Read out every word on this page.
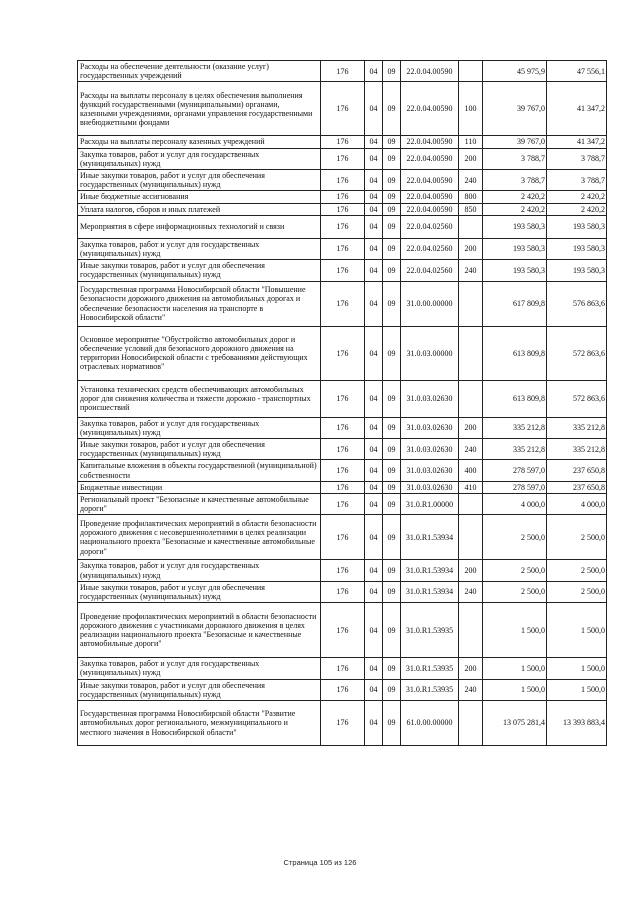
Расходы на обеспечение деятельности (оказание услуг) государственных учреждений	176	04	09	22.0.04.00590		45 975,9	47 556,1
Расходы на выплаты персоналу в целях обеспечения выполнения функций государственными (муниципальными) органами, казенными учреждениями, органами управления государственными внебюджетными фондами	176	04	09	22.0.04.00590	100	39 767,0	41 347,2
Расходы на выплаты персоналу казенных учреждений	176	04	09	22.0.04.00590	110	39 767,0	41 347,2
Закупка товаров, работ и услуг для государственных (муниципальных) нужд	176	04	09	22.0.04.00590	200	3 788,7	3 788,7
Иные закупки товаров, работ и услуг для обеспечения государственных (муниципальных) нужд	176	04	09	22.0.04.00590	240	3 788,7	3 788,7
Иные бюджетные ассигнования	176	04	09	22.0.04.00590	800	2 420,2	2 420,2
Уплата налогов, сборов и иных платежей	176	04	09	22.0.04.00590	850	2 420,2	2 420,2
Мероприятия в сфере информационных технологий и связи	176	04	09	22.0.04.02560		193 580,3	193 580,3
Закупка товаров, работ и услуг для государственных (муниципальных) нужд	176	04	09	22.0.04.02560	200	193 580,3	193 580,3
Иные закупки товаров, работ и услуг для обеспечения государственных (муниципальных) нужд	176	04	09	22.0.04.02560	240	193 580,3	193 580,3
Государственная программа Новосибирской области "Повышение безопасности дорожного движения на автомобильных дорогах и обеспечение безопасности населения на транспорте в Новосибирской области"	176	04	09	31.0.00.00000		617 809,8	576 863,6
Основное мероприятие "Обустройство автомобильных дорог и обеспечение условий для безопасного дорожного движения на территории Новосибирской области с требованиями действующих отраслевых нормативов"	176	04	09	31.0.03.00000		613 809,8	572 863,6
Установка технических средств обеспечивающих автомобильных дорог для снижения количества и тяжести дорожно - транспортных происшествий	176	04	09	31.0.03.02630		613 809,8	572 863,6
Закупка товаров, работ и услуг для государственных (муниципальных) нужд	176	04	09	31.0.03.02630	200	335 212,8	335 212,8
Иные закупки товаров, работ и услуг для обеспечения государственных (муниципальных) нужд	176	04	09	31.0.03.02630	240	335 212,8	335 212,8
Капитальные вложения в объекты государственной (муниципальной) собственности	176	04	09	31.0.03.02630	400	278 597,0	237 650,8
Бюджетные инвестиции	176	04	09	31.0.03.02630	410	278 597,0	237 650,8
Региональный проект "Безопасные и качественные автомобильные дороги"	176	04	09	31.0.R1.00000		4 000,0	4 000,0
Проведение профилактических мероприятий в области безопасности дорожного движения с несовершеннолетними в целях реализации национального проекта "Безопасные и качественные автомобильные дороги"	176	04	09	31.0.R1.53934		2 500,0	2 500,0
Закупка товаров, работ и услуг для государственных (муниципальных) нужд	176	04	09	31.0.R1.53934	200	2 500,0	2 500,0
Иные закупки товаров, работ и услуг для обеспечения государственных (муниципальных) нужд	176	04	09	31.0.R1.53934	240	2 500,0	2 500,0
Проведение профилактических мероприятий в области безопасности дорожного движения с участниками дорожного движения в целях реализации национального проекта "Безопасные и качественные автомобильные дороги"	176	04	09	31.0.R1.53935		1 500,0	1 500,0
Закупка товаров, работ и услуг для государственных (муниципальных) нужд	176	04	09	31.0.R1.53935	200	1 500,0	1 500,0
Иные закупки товаров, работ и услуг для обеспечения государственных (муниципальных) нужд	176	04	09	31.0.R1.53935	240	1 500,0	1 500,0
Государственная программа Новосибирской области "Развитие автомобильных дорог регионального, межмуниципального и местного значения в Новосибирской области"	176	04	09	61.0.00.00000		13 075 281,4	13 393 883,4
Страница 105 из 126
